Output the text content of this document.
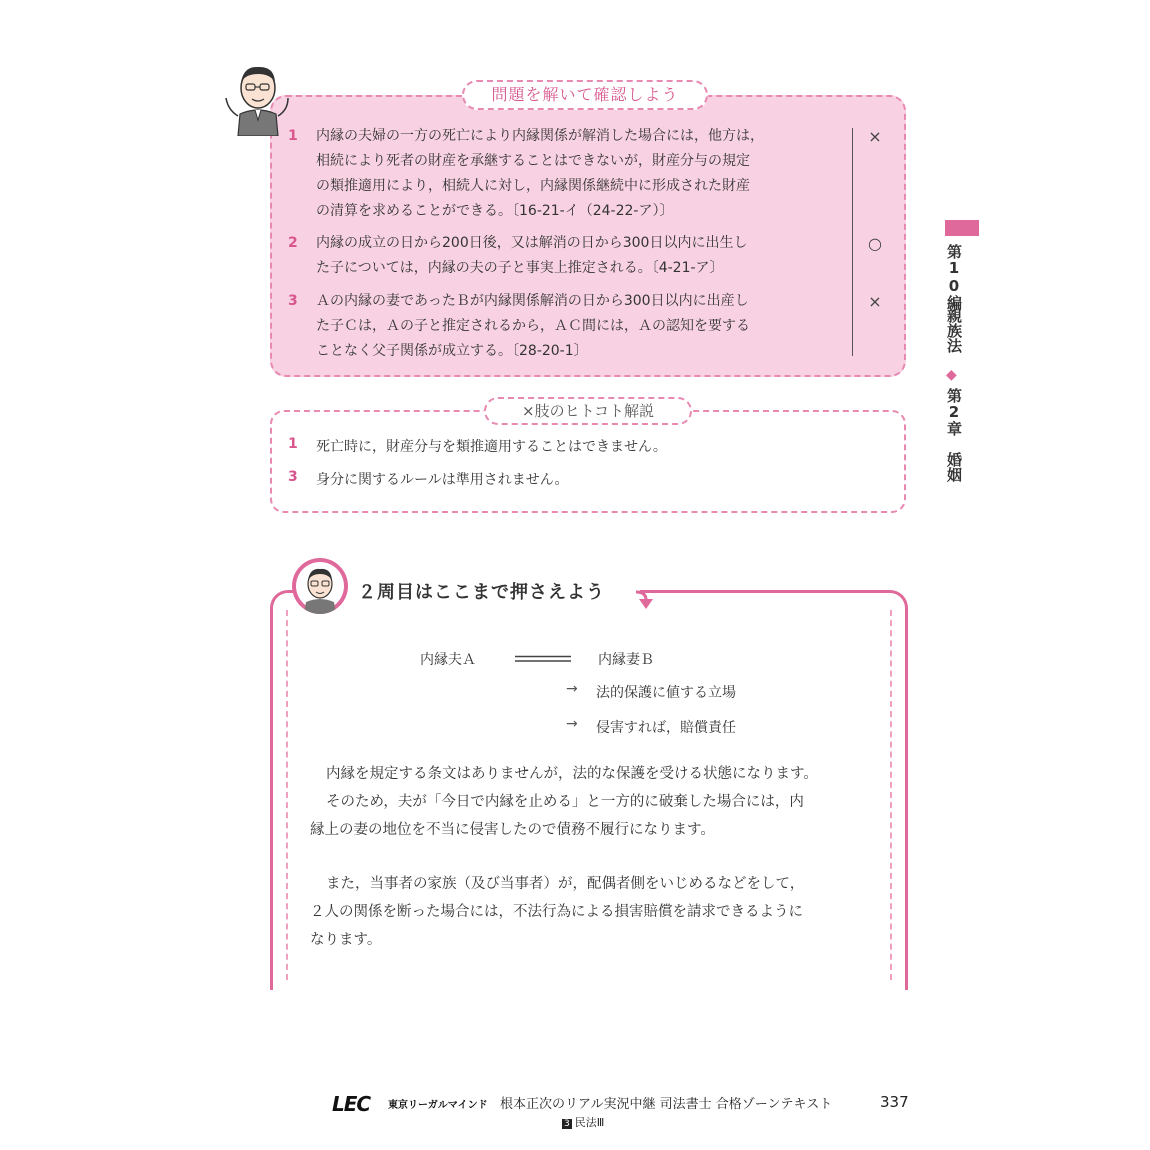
問題を解いて確認しよう
1 内縁の夫婦の一方の死亡により内縁関係が解消した場合には，他方は，
相続により死者の財産を承継することはできないが，財産分与の規定
の類推適用により，相続人に対し，内縁関係継続中に形成された財産
の清算を求めることができる。〔16-21-イ（24-22-ア）〕
×
2 内縁の成立の日から200日後，又は解消の日から300日以内に出生し
た子については，内縁の夫の子と事実上推定される。〔4-21-ア〕
○
3 Ａの内縁の妻であったＢが内縁関係解消の日から300日以内に出産し
た子Ｃは，Ａの子と推定されるから，ＡＣ間には，Ａの認知を要する
ことなく父子関係が成立する。〔28-20-1〕
×
×肢のヒトコト解説
1 死亡時に，財産分与を類推適用することはできません。
3 身分に関するルールは準用されません。
第10編
親族法
◆
第2章
婚姻
２周目はここまで押さえよう
内縁夫Ａ	内縁妻Ｂ
→ 法的保護に値する立場
→ 侵害すれば，賠償責任
内縁を規定する条文はありませんが，法的な保護を受ける状態になります。
そのため，夫が「今日で内縁を止める」と一方的に破棄した場合には，内
縁上の妻の地位を不当に侵害したので債務不履行になります。
また，当事者の家族（及び当事者）が，配偶者側をいじめるなどをして，
２人の関係を断った場合には，不法行為による損害賠償を請求できるように
なります。
LEC 東京リーガルマインド 根本正次のリアル実況中継 司法書士 合格ゾーンテキスト	337
3 民法Ⅲ
